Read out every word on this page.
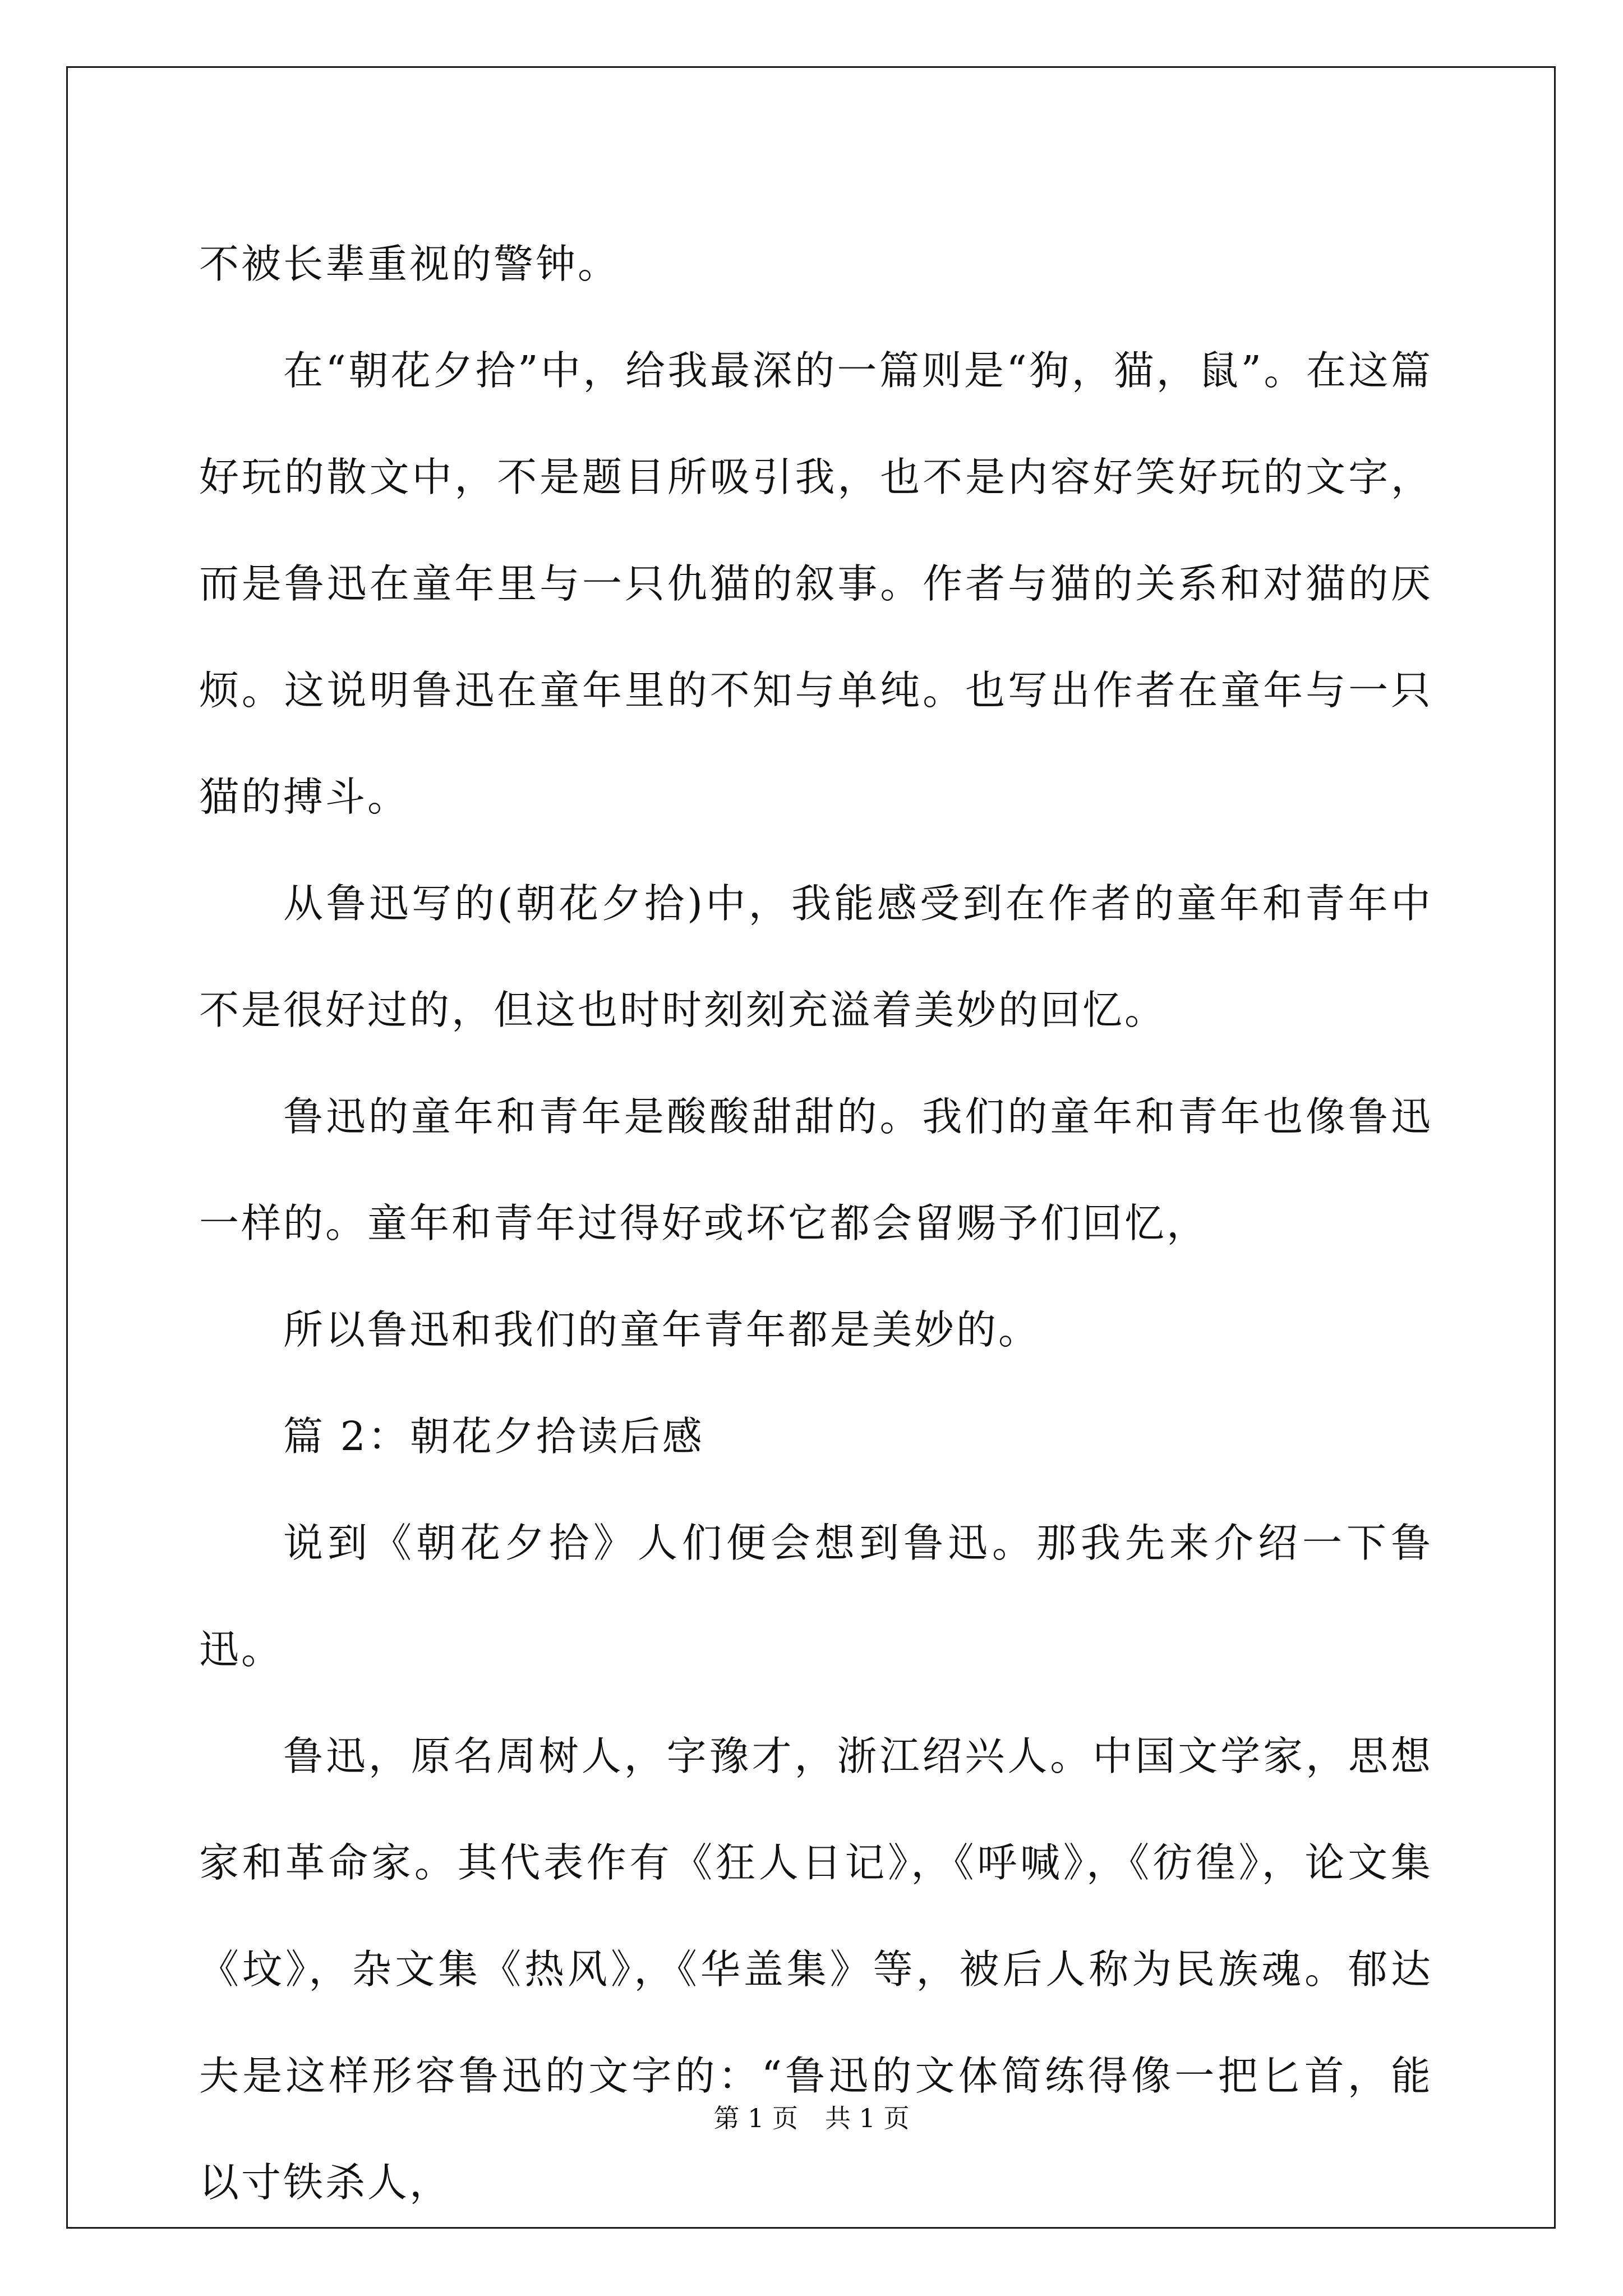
不被长辈重视的警钟。

在“朝花夕拾”中，给我最深的一篇则是“狗，猫，鼠”。在这篇好玩的散文中，不是题目所吸引我，也不是内容好笑好玩的文字，而是鲁迅在童年里与一只仇猫的叙事。作者与猫的关系和对猫的厌烦。这说明鲁迅在童年里的不知与单纯。也写出作者在童年与一只猫的搏斗。

从鲁迅写的(朝花夕拾)中，我能感受到在作者的童年和青年中不是很好过的，但这也时时刻刻充溢着美妙的回忆。

鲁迅的童年和青年是酸酸甜甜的。我们的童年和青年也像鲁迅一样的。童年和青年过得好或坏它都会留赐予们回忆，

所以鲁迅和我们的童年青年都是美妙的。

篇 2：朝花夕拾读后感

说到《朝花夕拾》人们便会想到鲁迅。那我先来介绍一下鲁迅。

鲁迅，原名周树人，字豫才，浙江绍兴人。中国文学家，思想家和革命家。其代表作有《狂人日记》，《呼喊》，《彷徨》，论文集《坟》，杂文集《热风》，《华盖集》等，被后人称为民族魂。郁达夫是这样形容鲁迅的文字的：“鲁迅的文体简练得像一把匕首，能以寸铁杀人，

第 1 页 共 1 页
